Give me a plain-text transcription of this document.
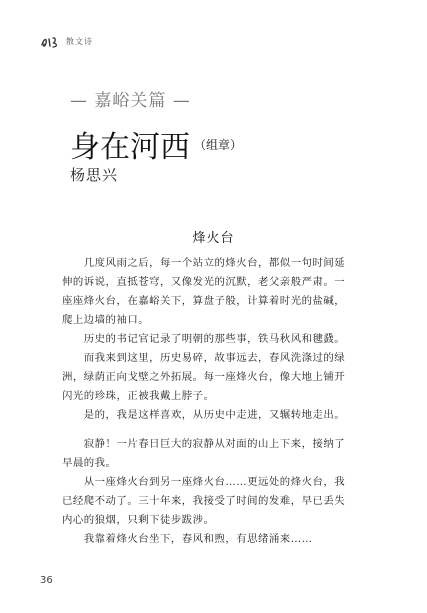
散文诗
— 嘉峪关篇 —
身在河西 $^{(组章)}$
杨思兴
烽火台
　　几度风雨之后，每一个站立的烽火台，都似一句时间延
伸的诉说，直抵苍穹，又像发光的沉默，老父亲般严肃。一
座座烽火台，在嘉峪关下，算盘子般，计算着时光的盐碱，
爬上边墙的袖口。
　　历史的书记官记录了明朝的那些事，铁马秋风和毽鼗。
　　而我来到这里，历史易碎，故事远去，春风洗涤过的绿
洲，绿荫正向戈壁之外拓展。每一座烽火台，像大地上铺开
闪光的珍珠，正被我戴上脖子。
　　是的，我是这样喜欢，从历史中走进，又辗转地走出。
　　寂静！一片春日巨大的寂静从对面的山上下来，接纳了
早晨的我。
　　从一座烽火台到另一座烽火台……更远处的烽火台，我
已经爬不动了。三十年来，我接受了时间的发难，早已丢失
内心的狼烟，只剩下徒步跋涉。
　　我靠着烽火台坐下，春风和煦，有思绪涌来……
36
